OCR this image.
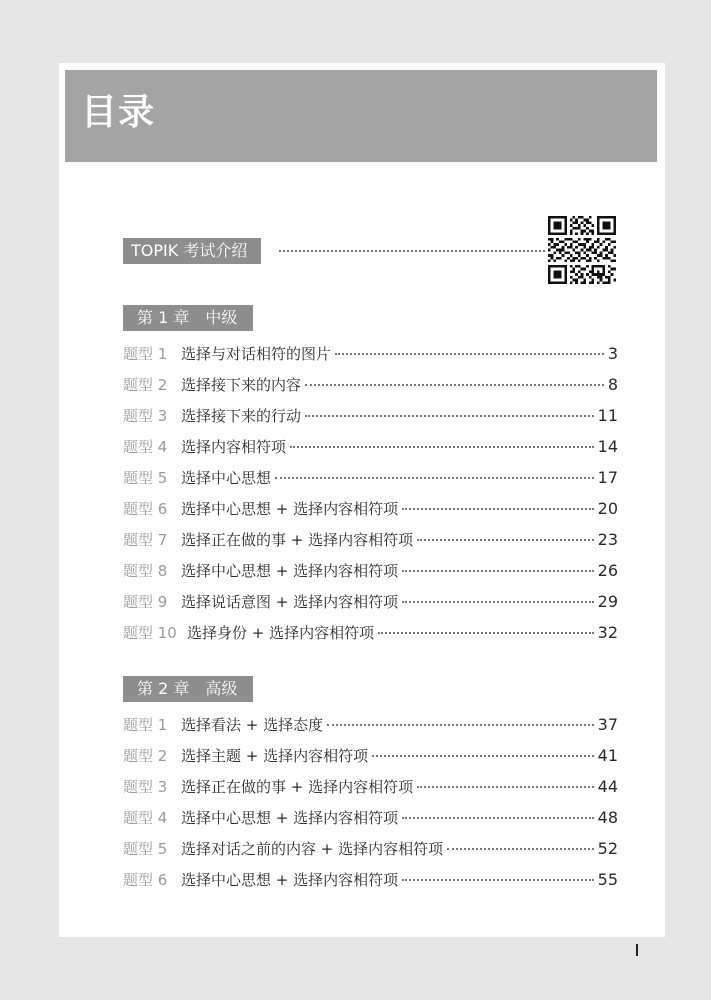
目录
TOPIK 考试介绍
第 1 章　中级
题型 1 选择与对话相符的图片	3
题型 2 选择接下来的内容	8
题型 3 选择接下来的行动	11
题型 4 选择内容相符项	14
题型 5 选择中心思想	17
题型 6 选择中心思想 + 选择内容相符项	20
题型 7 选择正在做的事 + 选择内容相符项	23
题型 8 选择中心思想 + 选择内容相符项	26
题型 9 选择说话意图 + 选择内容相符项	29
题型 10 选择身份 + 选择内容相符项	32
第 2 章　高级
题型 1 选择看法 + 选择态度	37
题型 2 选择主题 + 选择内容相符项	41
题型 3 选择正在做的事 + 选择内容相符项	44
题型 4 选择中心思想 + 选择内容相符项	48
题型 5 选择对话之前的内容 + 选择内容相符项	52
题型 6 选择中心思想 + 选择内容相符项	55
